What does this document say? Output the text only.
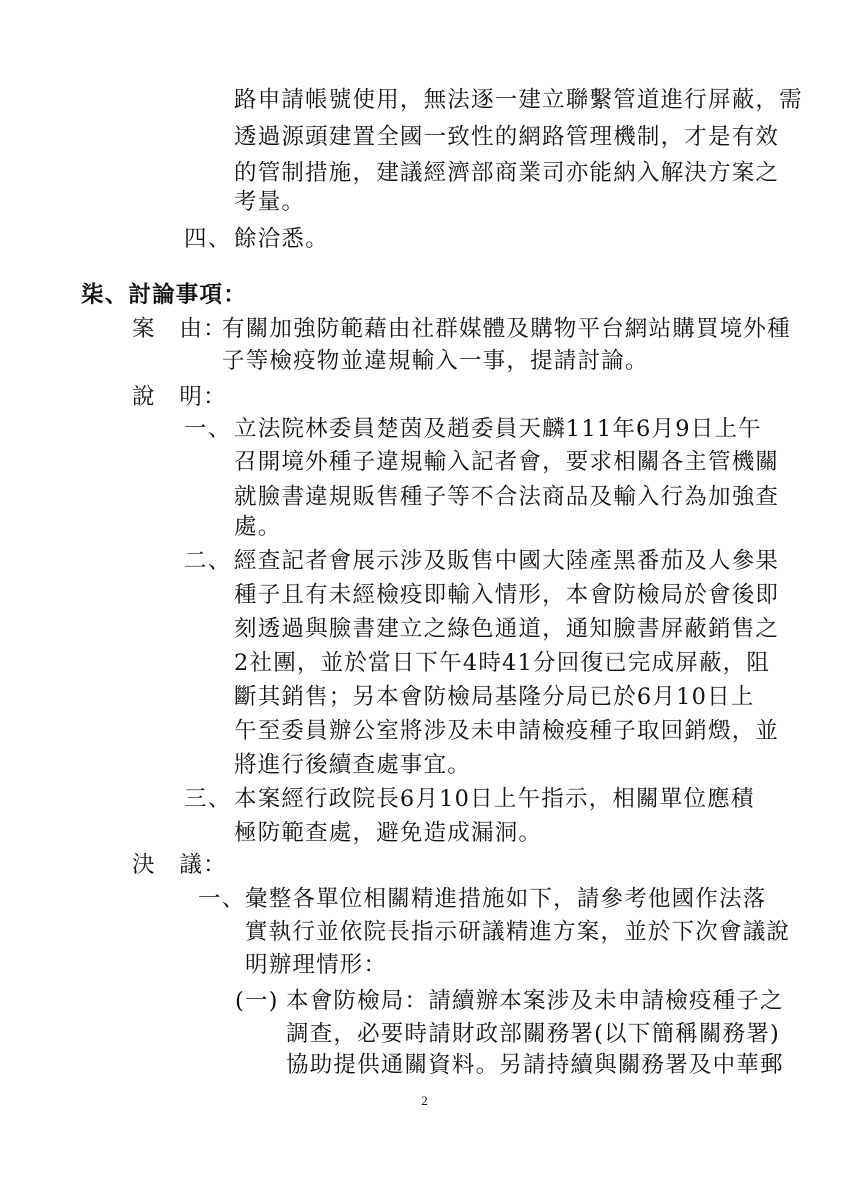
路申請帳號使用，無法逐一建立聯繫管道進行屏蔽，需
透過源頭建置全國一致性的網路管理機制，才是有效
的管制措施，建議經濟部商業司亦能納入解決方案之
考量。
四、 餘洽悉。
柒、討論事項：
案　由：
有關加強防範藉由社群媒體及購物平台網站購買境外種
子等檢疫物並違規輸入一事，提請討論。
說　明：
一、 立法院林委員楚茵及趙委員天麟111年6月9日上午
召開境外種子違規輸入記者會，要求相關各主管機關
就臉書違規販售種子等不合法商品及輸入行為加強查
處。
二、 經查記者會展示涉及販售中國大陸產黑番茄及人參果
種子且有未經檢疫即輸入情形，本會防檢局於會後即
刻透過與臉書建立之綠色通道，通知臉書屏蔽銷售之
2社團，並於當日下午4時41分回復已完成屏蔽，阻
斷其銷售；另本會防檢局基隆分局已於6月10日上
午至委員辦公室將涉及未申請檢疫種子取回銷燬，並
將進行後續查處事宜。
三、 本案經行政院長6月10日上午指示，相關單位應積
極防範查處，避免造成漏洞。
決　議：
一、 彙整各單位相關精進措施如下，請參考他國作法落
實執行並依院長指示研議精進方案，並於下次會議說
明辦理情形：
(一) 本會防檢局：請續辦本案涉及未申請檢疫種子之
調查，必要時請財政部關務署(以下簡稱關務署)
協助提供通關資料。另請持續與關務署及中華郵
2
